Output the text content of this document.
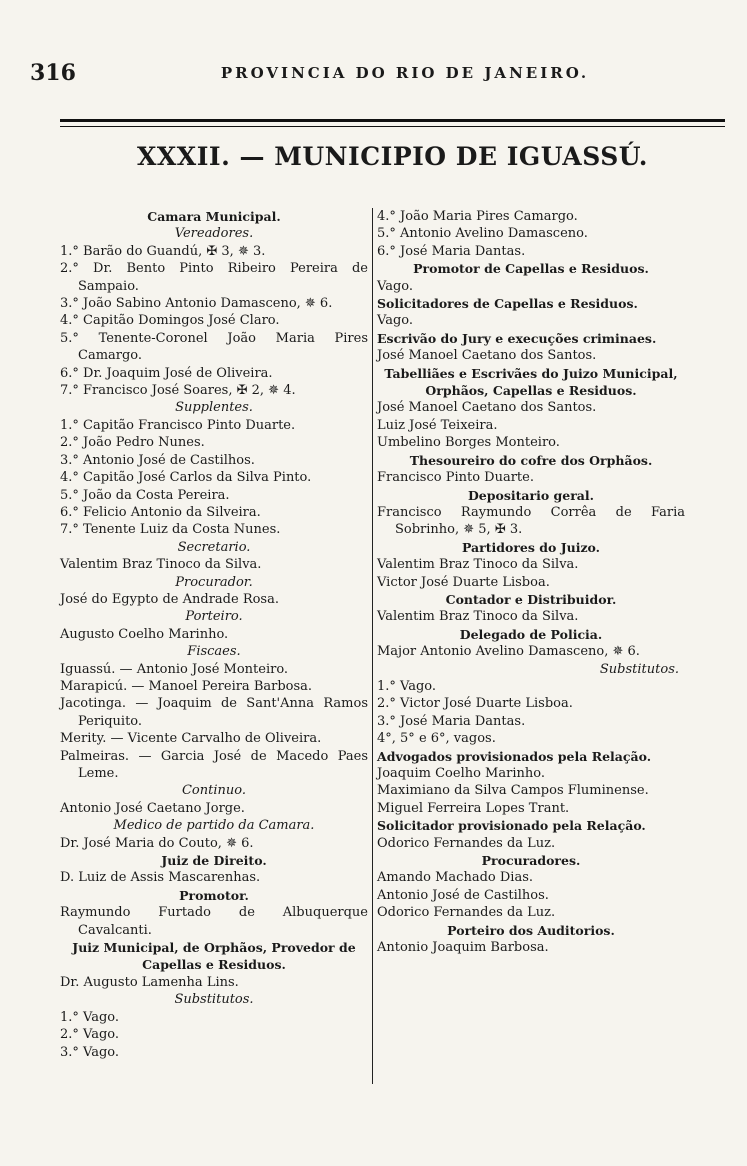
316	PROVINCIA DO RIO DE JANEIRO.
XXXII. — MUNICIPIO DE IGUASSÚ.

Camara Municipal.

Vereadores.

1.° Barão do Guandú, ✠ 3, ✵ 3.

2.° Dr. Bento Pinto Ribeiro Pereira de Sampaio.

3.° João Sabino Antonio Damasceno, ✵ 6.

4.° Capitão Domingos José Claro.

5.° Tenente-Coronel João Maria Pires Camargo.

6.° Dr. Joaquim José de Oliveira.

7.° Francisco José Soares, ✠ 2, ✵ 4.

Supplentes.

1.° Capitão Francisco Pinto Duarte.

2.° João Pedro Nunes.

3.° Antonio José de Castilhos.

4.° Capitão José Carlos da Silva Pinto.

5.° João da Costa Pereira.

6.° Felicio Antonio da Silveira.

7.° Tenente Luiz da Costa Nunes.

Secretario.

Valentim Braz Tinoco da Silva.

Procurador.

José do Egypto de Andrade Rosa.

Porteiro.

Augusto Coelho Marinho.

Fiscaes.

Iguassú. — Antonio José Monteiro.

Marapicú. — Manoel Pereira Barbosa.

Jacotinga. — Joaquim de Sant'Anna Ramos Periquito.

Merity. — Vicente Carvalho de Oliveira.

Palmeiras. — Garcia José de Macedo Paes Leme.

Continuo.

Antonio José Caetano Jorge.

Medico de partido da Camara.

Dr. José Maria do Couto, ✵ 6.

Juiz de Direito.

D. Luiz de Assis Mascarenhas.

Promotor.

Raymundo Furtado de Albuquerque Cavalcanti.

Juiz Municipal, de Orphãos, Provedor de Capellas e Residuos.

Dr. Augusto Lamenha Lins.

Substitutos.

1.° Vago.

2.° Vago.

3.° Vago.

4.° João Maria Pires Camargo.

5.° Antonio Avelino Damasceno.

6.° José Maria Dantas.

Promotor de Capellas e Residuos.

Vago.

Solicitadores de Capellas e Residuos.

Vago.

Escrivão do Jury e execuções criminaes.

José Manoel Caetano dos Santos.

Tabelliães e Escrivães do Juizo Municipal, Orphãos, Capellas e Residuos.

José Manoel Caetano dos Santos.

Luiz José Teixeira.

Umbelino Borges Monteiro.

Thesoureiro do cofre dos Orphãos.

Francisco Pinto Duarte.

Depositario geral.

Francisco Raymundo Corrêa de Faria Sobrinho, ✵ 5, ✠ 3.

Partidores do Juizo.

Valentim Braz Tinoco da Silva.

Victor José Duarte Lisboa.

Contador e Distribuidor.

Valentim Braz Tinoco da Silva.

Delegado de Policia.

Major Antonio Avelino Damasceno, ✵ 6.

Substitutos.

1.° Vago.

2.° Victor José Duarte Lisboa.

3.° José Maria Dantas.

4°, 5° e 6°, vagos.

Advogados provisionados pela Relação.

Joaquim Coelho Marinho.

Maximiano da Silva Campos Fluminense.

Miguel Ferreira Lopes Trant.

Solicitador provisionado pela Relação.

Odorico Fernandes da Luz.

Procuradores.

Amando Machado Dias.

Antonio José de Castilhos.

Odorico Fernandes da Luz.

Porteiro dos Auditorios.

Antonio Joaquim Barbosa.
